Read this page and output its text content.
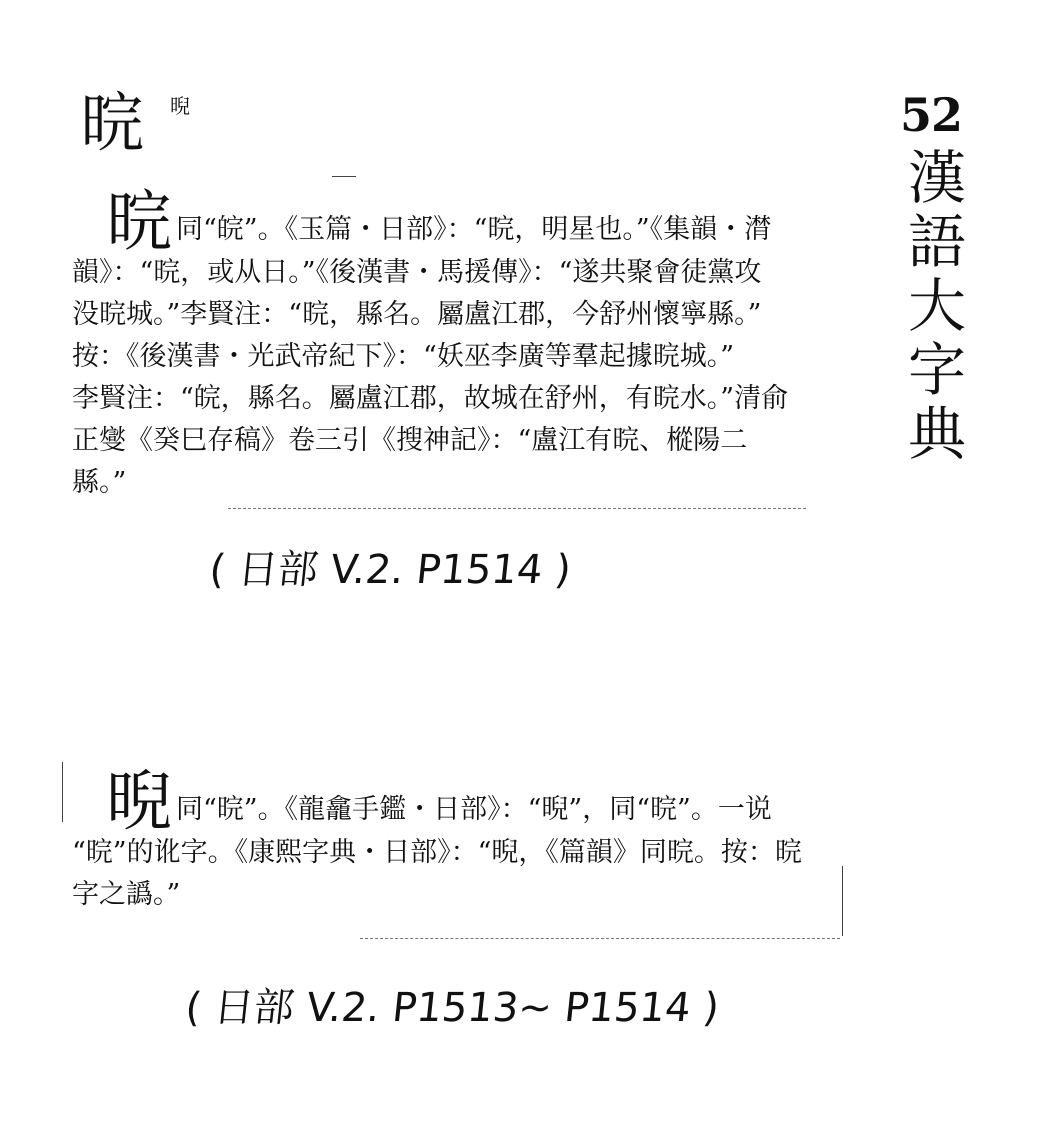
晥 晲	52
漢
語
大
字
典
晥同“皖”。《玉篇・日部》：“晥，明星也。”《集韻・潸
韻》：“晥，或从日。”《後漢書・馬援傳》：“遂共聚會徒黨攻
没晥城。”李賢注：“晥，縣名。屬盧江郡，今舒州懷寧縣。”
按：《後漢書・光武帝紀下》：“妖巫李廣等羣起據晥城。”
李賢注：“皖，縣名。屬盧江郡，故城在舒州，有晥水。”清俞
正燮《癸巳存稿》卷三引《搜神記》：“盧江有晥、樅陽二
縣。”
( 日部 V.2. P1514 )
晲同“晥”。《龍龕手鑑・日部》：“晲”，同“晥”。一说
“晥”的讹字。《康熙字典・日部》：“晲，《篇韻》同晥。按：晥
字之譌。”
( 日部 V.2. P1513~ P1514 )
